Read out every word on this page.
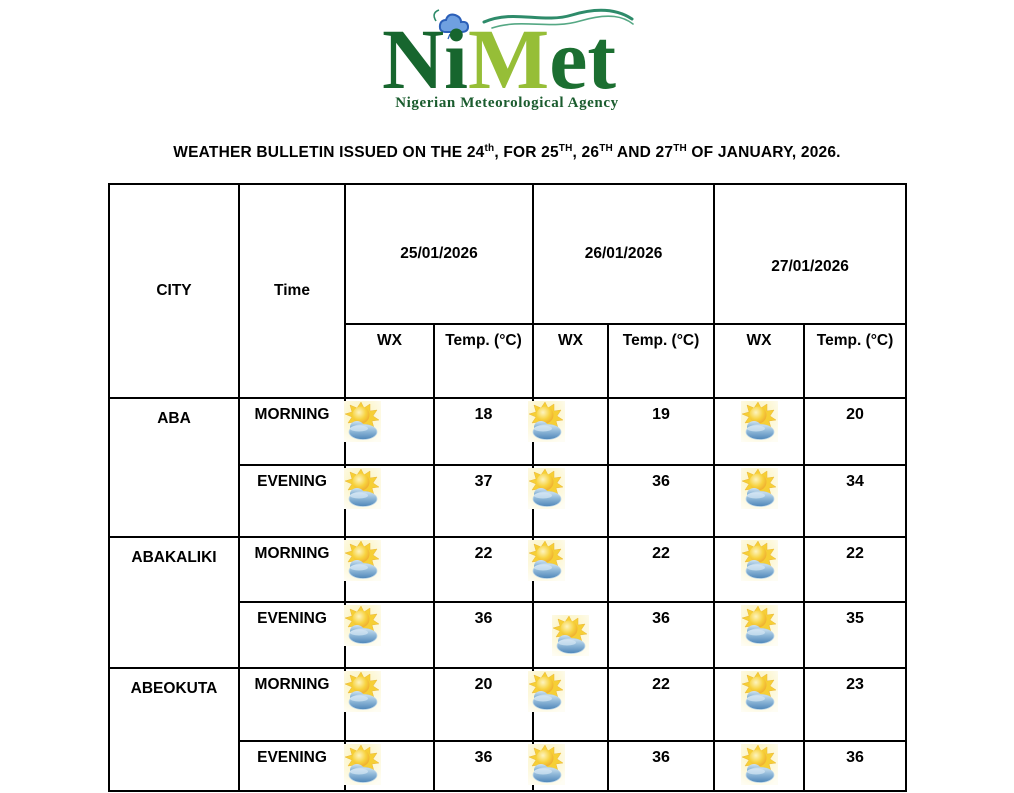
NiMet
Nigerian Meteorological Agency
WEATHER BULLETIN ISSUED ON THE 24th, FOR 25TH, 26TH AND 27TH OF JANUARY, 2026.
CITY	Time	25/01/2026		26/01/2026		27/01/2026	
		WX	Temp. (°C)	WX	Temp. (°C)	WX	Temp. (°C)
ABA	MORNING		18		19		20
	EVENING		37		36		34
ABAKALIKI	MORNING		22		22		22
	EVENING		36		36		35
ABEOKUTA	MORNING		20		22		23
	EVENING		36		36		36
